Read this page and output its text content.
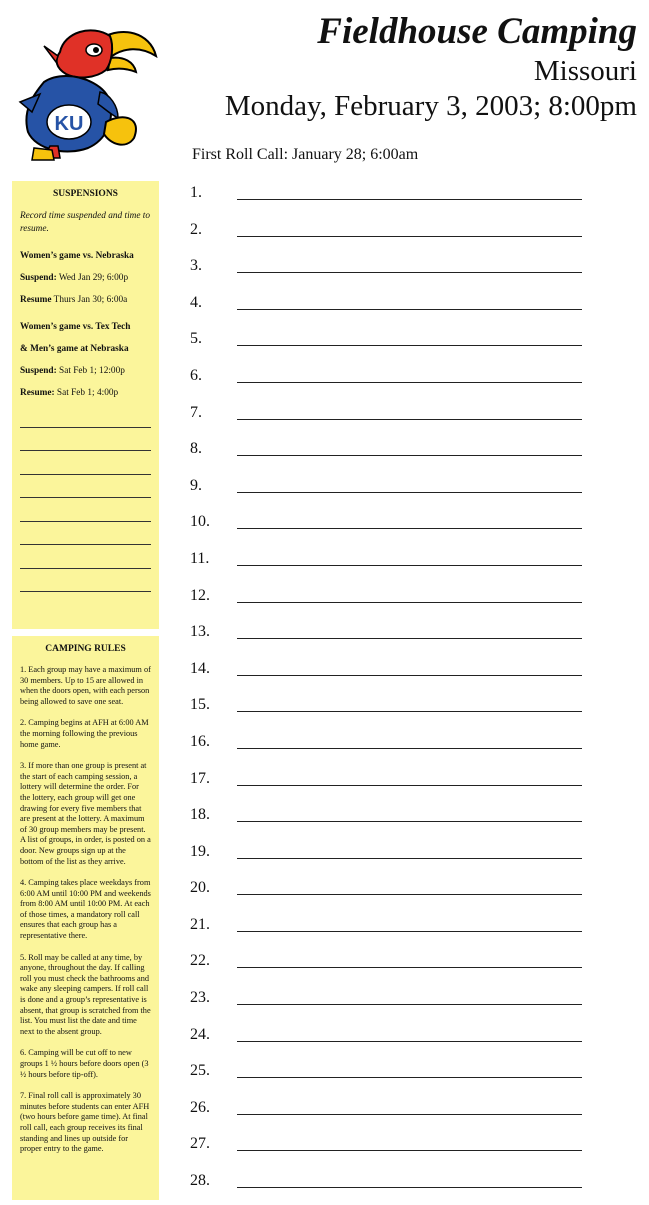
KU
Fieldhouse Camping
Missouri
Monday, February 3, 2003; 8:00pm
First Roll Call: January 28; 6:00am
SUSPENSIONS

Record time suspended and time to resume.

Women’s game vs. Nebraska

Suspend: Wed Jan 29; 6:00p

Resume Thurs Jan 30; 6:00a

Women’s game vs. Tex Tech

& Men’s game at Nebraska

Suspend: Sat Feb 1; 12:00p

Resume: Sat Feb 1; 4:00p

CAMPING RULES

1. Each group may have a maximum of 30 members. Up to 15 are allowed in when the doors open, with each person being allowed to save one seat.

2. Camping begins at AFH at 6:00 AM the morning following the previous home game.

3. If more than one group is present at the start of each camping session, a lottery will determine the order. For the lottery, each group will get one drawing for every five members that are present at the lottery. A maximum of 30 group members may be present. A list of groups, in order, is posted on a door. New groups sign up at the bottom of the list as they arrive.

4. Camping takes place weekdays from 6:00 AM until 10:00 PM and weekends from 8:00 AM until 10:00 PM. At each of those times, a mandatory roll call ensures that each group has a representative there.

5. Roll may be called at any time, by anyone, throughout the day. If calling roll you must check the bathrooms and wake any sleeping campers. If roll call is done and a group’s representative is absent, that group is scratched from the list. You must list the date and time next to the absent group.

6. Camping will be cut off to new groups 1 ½ hours before doors open (3 ½ hours before tip-off).

7. Final roll call is approximately 30 minutes before students can enter AFH (two hours before game time). At final roll call, each group receives its final standing and lines up outside for proper entry to the game.

1.
2.
3.
4.
5.
6.
7.
8.
9.
10.
11.
12.
13.
14.
15.
16.
17.
18.
19.
20.
21.
22.
23.
24.
25.
26.
27.
28.
